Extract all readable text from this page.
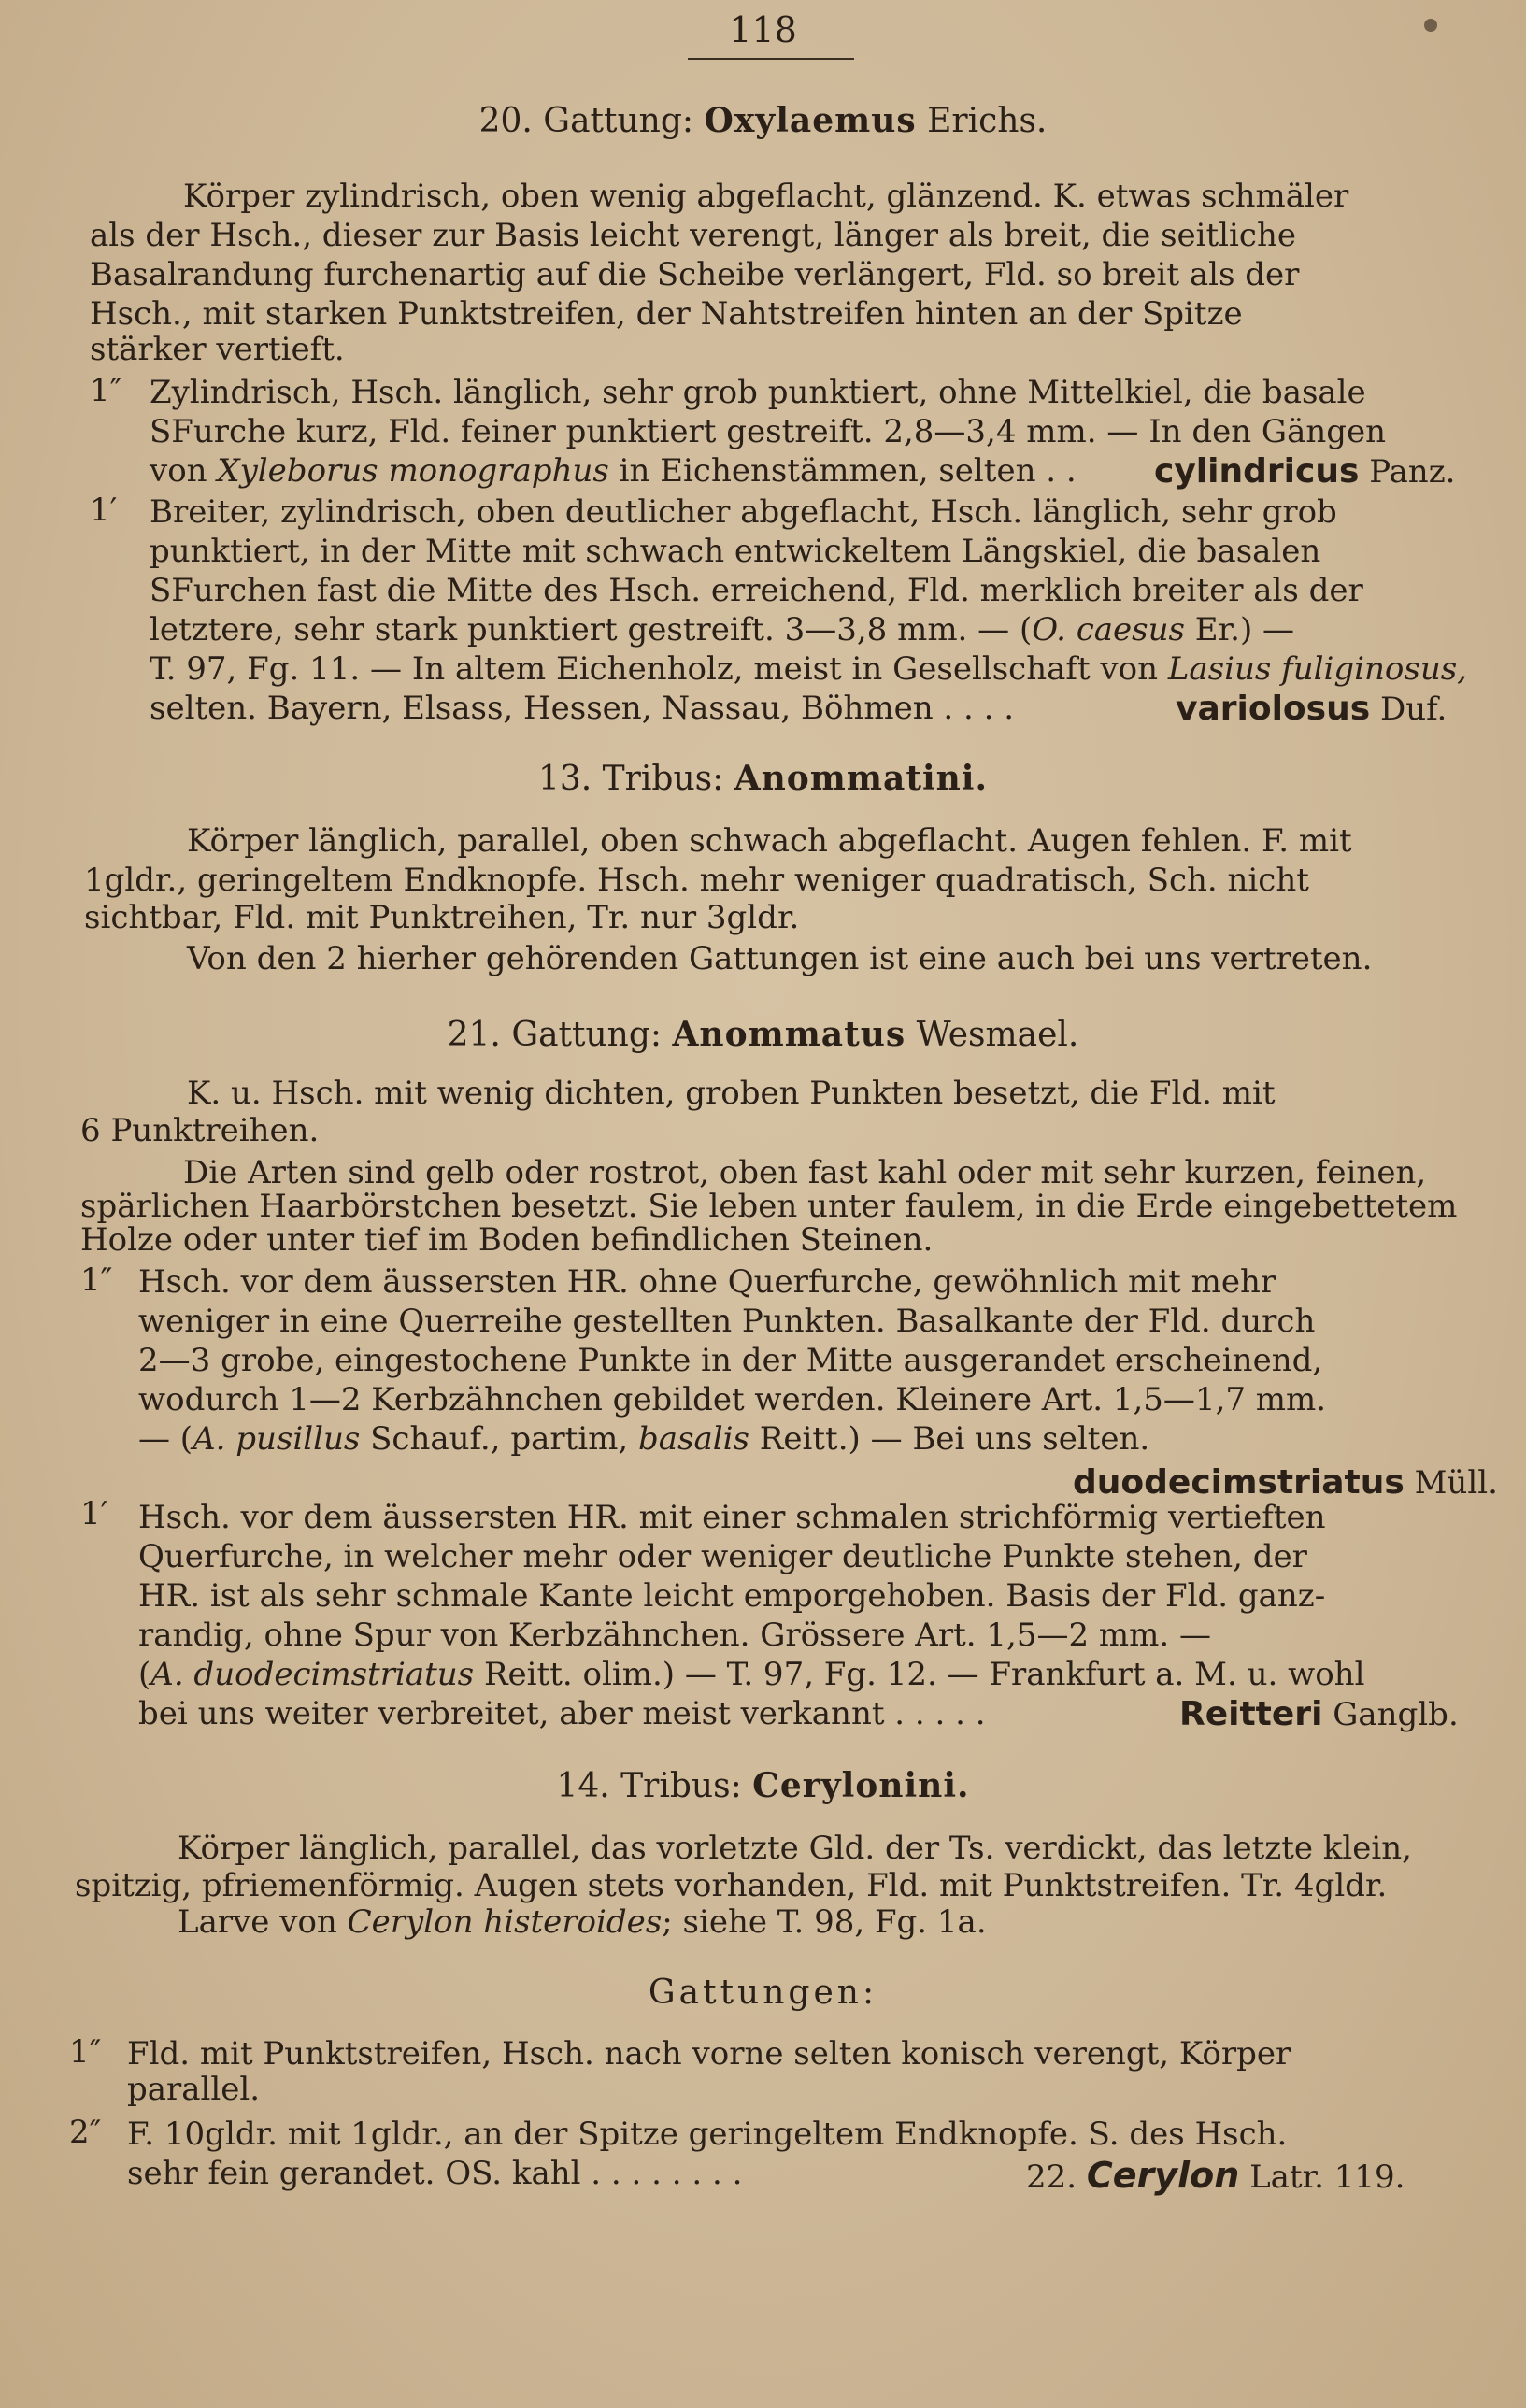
118
20. Gattung: Oxylaemus Erichs.
Körper zylindrisch, oben wenig abgeflacht, glänzend. K. etwas schmäler
als der Hsch., dieser zur Basis leicht verengt, länger als breit, die seitliche
Basalrandung furchenartig auf die Scheibe verlängert, Fld. so breit als der
Hsch., mit starken Punktstreifen, der Nahtstreifen hinten an der Spitze
stärker vertieft.
1″ Zylindrisch, Hsch. länglich, sehr grob punktiert, ohne Mittelkiel, die basale
SFurche kurz, Fld. feiner punktiert gestreift. 2,8—3,4 mm. — In den Gängen
von Xyleborus monographus in Eichenstämmen, selten . . cylindricus Panz.
1′ Breiter, zylindrisch, oben deutlicher abgeflacht, Hsch. länglich, sehr grob
punktiert, in der Mitte mit schwach entwickeltem Längskiel, die basalen
SFurchen fast die Mitte des Hsch. erreichend, Fld. merklich breiter als der
letztere, sehr stark punktiert gestreift. 3—3,8 mm. — (O. caesus Er.) —
T. 97, Fg. 11. — In altem Eichenholz, meist in Gesellschaft von Lasius fuliginosus,
selten. Bayern, Elsass, Hessen, Nassau, Böhmen . . . .	variolosus Duf.
13. Tribus: Anommatini.
Körper länglich, parallel, oben schwach abgeflacht. Augen fehlen. F. mit
1gldr., geringeltem Endknopfe. Hsch. mehr weniger quadratisch, Sch. nicht
sichtbar, Fld. mit Punktreihen, Tr. nur 3gldr.
Von den 2 hierher gehörenden Gattungen ist eine auch bei uns vertreten.
21. Gattung: Anommatus Wesmael.
K. u. Hsch. mit wenig dichten, groben Punkten besetzt, die Fld. mit
6 Punktreihen.
Die Arten sind gelb oder rostrot, oben fast kahl oder mit sehr kurzen, feinen,
spärlichen Haarbörstchen besetzt. Sie leben unter faulem, in die Erde eingebettetem
Holze oder unter tief im Boden befindlichen Steinen.
1″ Hsch. vor dem äussersten HR. ohne Querfurche, gewöhnlich mit mehr
weniger in eine Querreihe gestellten Punkten. Basalkante der Fld. durch
2—3 grobe, eingestochene Punkte in der Mitte ausgerandet erscheinend,
wodurch 1—2 Kerbzähnchen gebildet werden. Kleinere Art. 1,5—1,7 mm.
— (A. pusillus Schauf., partim, basalis Reitt.) — Bei uns selten.
duodecimstriatus Müll.
1′ Hsch. vor dem äussersten HR. mit einer schmalen strichförmig vertieften
Querfurche, in welcher mehr oder weniger deutliche Punkte stehen, der
HR. ist als sehr schmale Kante leicht emporgehoben. Basis der Fld. ganz-
randig, ohne Spur von Kerbzähnchen. Grössere Art. 1,5—2 mm. —
(A. duodecimstriatus Reitt. olim.) — T. 97, Fg. 12. — Frankfurt a. M. u. wohl
bei uns weiter verbreitet, aber meist verkannt . . . . .	Reitteri Ganglb.
14. Tribus: Cerylonini.
Körper länglich, parallel, das vorletzte Gld. der Ts. verdickt, das letzte klein,
spitzig, pfriemenförmig. Augen stets vorhanden, Fld. mit Punktstreifen. Tr. 4gldr.
Larve von Cerylon histeroides; siehe T. 98, Fg. 1a.
Gattungen:
1″ Fld. mit Punktstreifen, Hsch. nach vorne selten konisch verengt, Körper
parallel.
2″ F. 10gldr. mit 1gldr., an der Spitze geringeltem Endknopfe. S. des Hsch.
sehr fein gerandet. OS. kahl . . . . . . . .	22. Cerylon Latr. 119.
